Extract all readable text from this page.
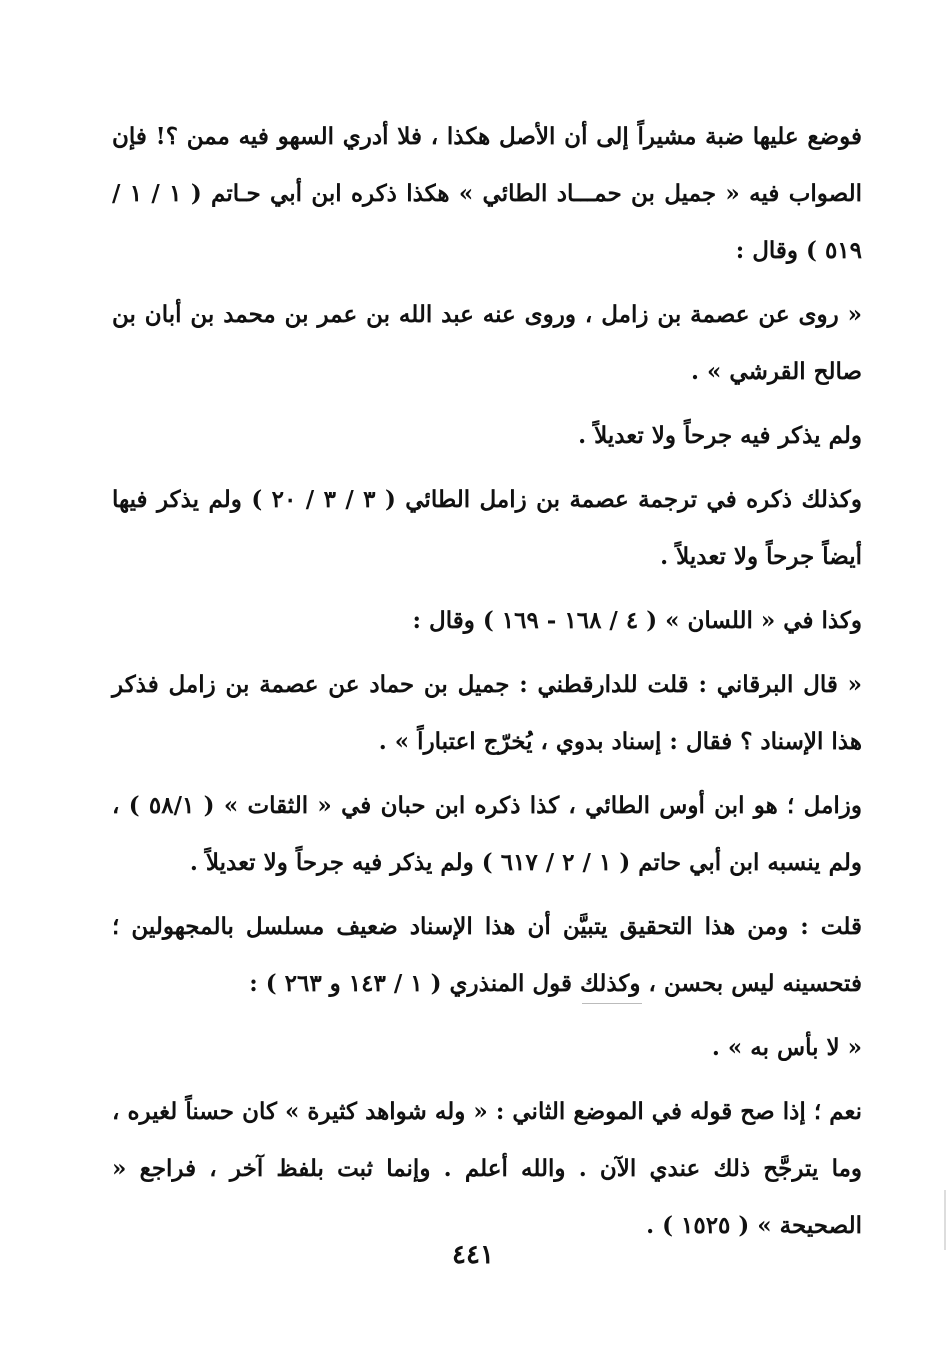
فوضع عليها ضبة مشيراً إلى أن الأصل هكذا ، فلا أدري السهو فيه ممن ؟! فإن الصواب فيه « جميل بن حمـــاد الطائي » هكذا ذكره ابن أبي حـاتم ( ١ / ١ / ٥١٩ ) وقال :

« روى عن عصمة بن زامل ، وروى عنه عبد الله بن عمر بن محمد بن أبان بن صالح القرشي » .

ولم يذكر فيه جرحاً ولا تعديلاً .

وكذلك ذكره في ترجمة عصمة بن زامل الطائي ( ٣ / ٣ / ٢٠ ) ولم يذكر فيها أيضاً جرحاً ولا تعديلاً .

وكذا في « اللسان » ( ٤ / ١٦٨ - ١٦٩ ) وقال :

« قال البرقاني : قلت للدارقطني : جميل بن حماد عن عصمة بن زامل فذكر هذا الإسناد ؟ فقال : إسناد بدوي ، يُخرّج اعتباراً » .

وزامل ؛ هو ابن أوس الطائي ، كذا ذكره ابن حبان في « الثقات » ( ٥٨/١ ) ، ولم ينسبه ابن أبي حاتم ( ١ / ٢ / ٦١٧ ) ولم يذكر فيه جرحاً ولا تعديلاً .

قلت : ومن هذا التحقيق يتبيَّن أن هذا الإسناد ضعيف مسلسل بالمجهولين ؛ فتحسينه ليس بحسن ، وكذلك قول المنذري ( ١ / ١٤٣ و ٢٦٣ ) :

« لا بأس به » .

نعم ؛ إذا صح قوله في الموضع الثاني : « وله شواهد كثيرة » كان حسناً لغيره ، وما يترجَّح ذلك عندي الآن . والله أعلم . وإنما ثبت بلفظ آخر ، فراجع « الصحيحة » ( ١٥٢٥ ) .

٤٤١
